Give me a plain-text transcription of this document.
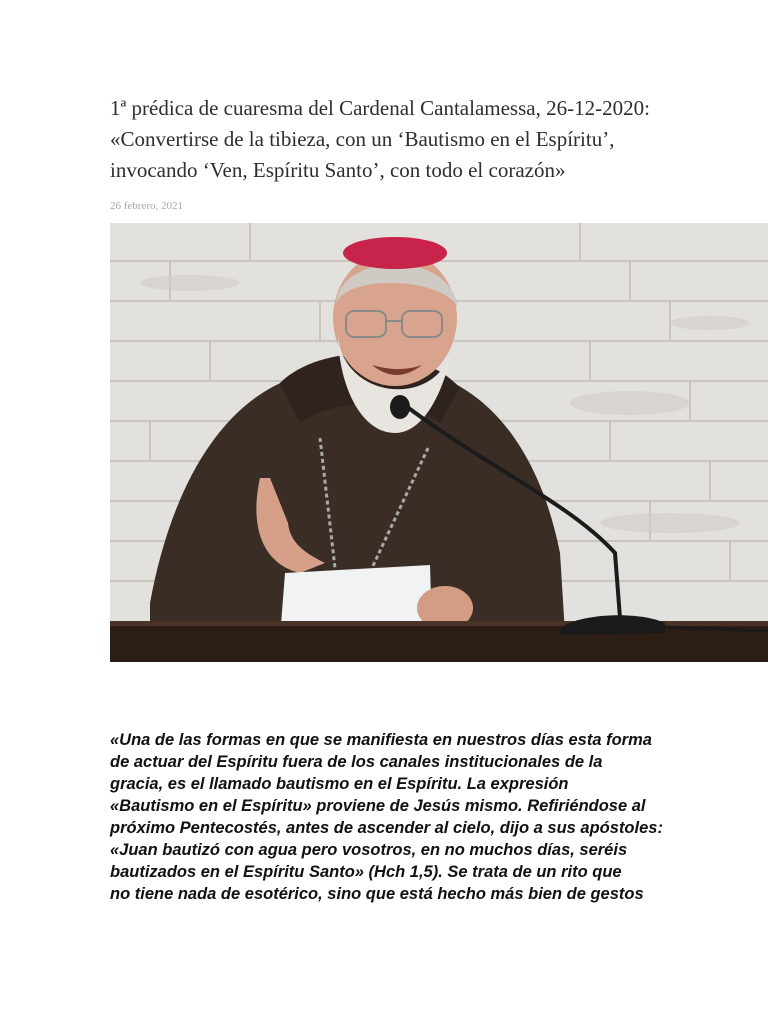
1ª prédica de cuaresma del Cardenal Cantalamessa, 26-12-2020:
«Convertirse de la tibieza, con un ‘Bautismo en el Espíritu’,
invocando ‘Ven, Espíritu Santo’, con todo el corazón»
26 febrero, 2021

«Una de las formas en que se manifiesta en nuestros días esta forma
de actuar del Espíritu fuera de los canales institucionales de la
gracia, es el llamado bautismo en el Espíritu. La expresión
«Bautismo en el Espíritu» proviene de Jesús mismo. Refiriéndose al
próximo Pentecostés, antes de ascender al cielo, dijo a sus apóstoles:
«Juan bautizó con agua pero vosotros, en no muchos días, seréis
bautizados en el Espíritu Santo» (Hch 1,5). Se trata de un rito que
no tiene nada de esotérico, sino que está hecho más bien de gestos
